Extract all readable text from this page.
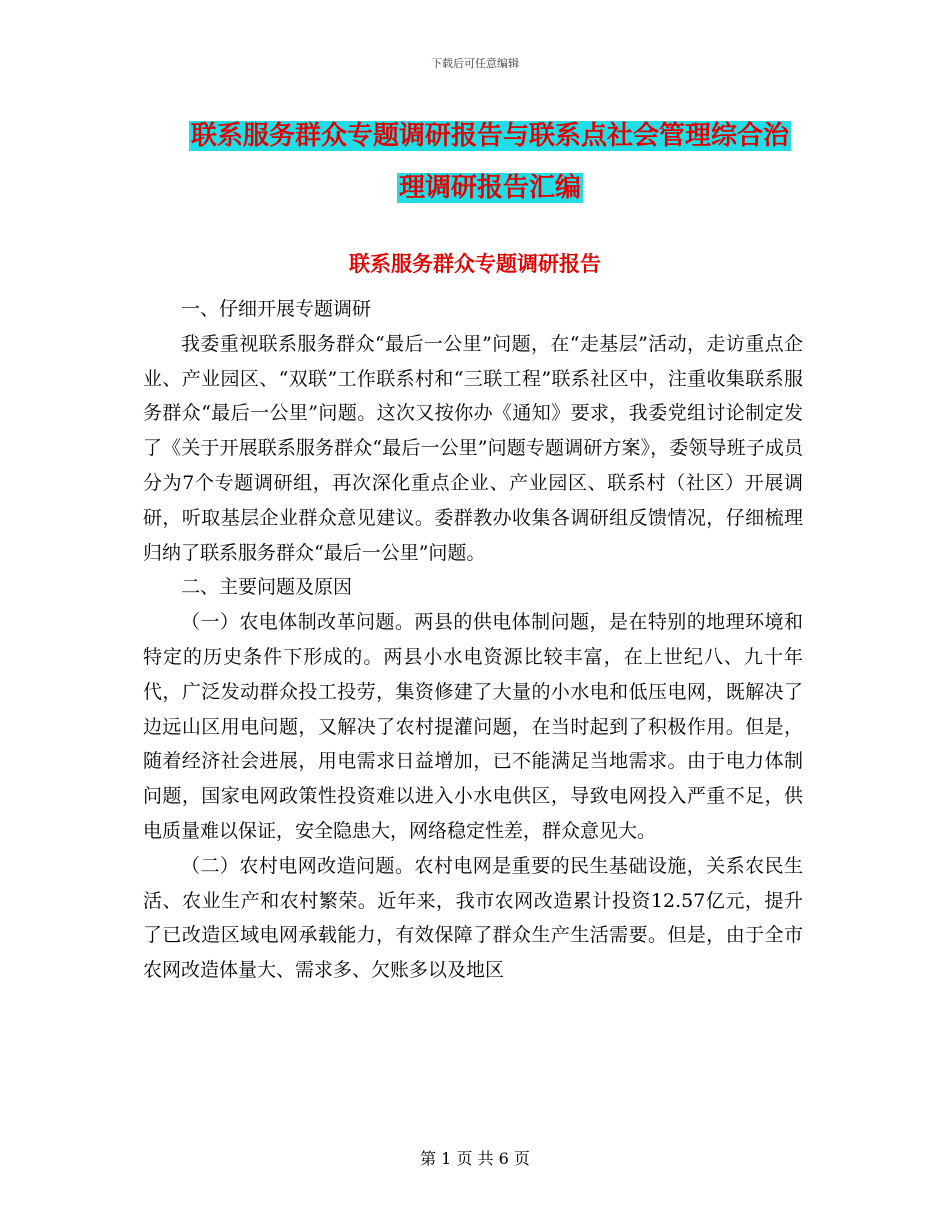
下载后可任意编辑
联系服务群众专题调研报告与联系点社会管理综合治
理调研报告汇编
联系服务群众专题调研报告

一、仔细开展专题调研

我委重视联系服务群众“最后一公里”问题，在“走基层”活动，走访重点企业、产业园区、“双联”工作联系村和“三联工程”联系社区中，注重收集联系服务群众“最后一公里”问题。这次又按你办《通知》要求，我委党组讨论制定发了《关于开展联系服务群众“最后一公里”问题专题调研方案》，委领导班子成员分为7个专题调研组，再次深化重点企业、产业园区、联系村（社区）开展调研，听取基层企业群众意见建议。委群教办收集各调研组反馈情况，仔细梳理归纳了联系服务群众“最后一公里”问题。

二、主要问题及原因

（一）农电体制改革问题。两县的供电体制问题，是在特别的地理环境和特定的历史条件下形成的。两县小水电资源比较丰富，在上世纪八、九十年代，广泛发动群众投工投劳，集资修建了大量的小水电和低压电网，既解决了边远山区用电问题，又解决了农村提灌问题，在当时起到了积极作用。但是，随着经济社会进展，用电需求日益增加，已不能满足当地需求。由于电力体制问题，国家电网政策性投资难以进入小水电供区，导致电网投入严重不足，供电质量难以保证，安全隐患大，网络稳定性差，群众意见大。

（二）农村电网改造问题。农村电网是重要的民生基础设施，关系农民生活、农业生产和农村繁荣。近年来，我市农网改造累计投资12.57亿元，提升了已改造区域电网承载能力，有效保障了群众生产生活需要。但是，由于全市农网改造体量大、需求多、欠账多以及地区

第 1 页 共 6 页
